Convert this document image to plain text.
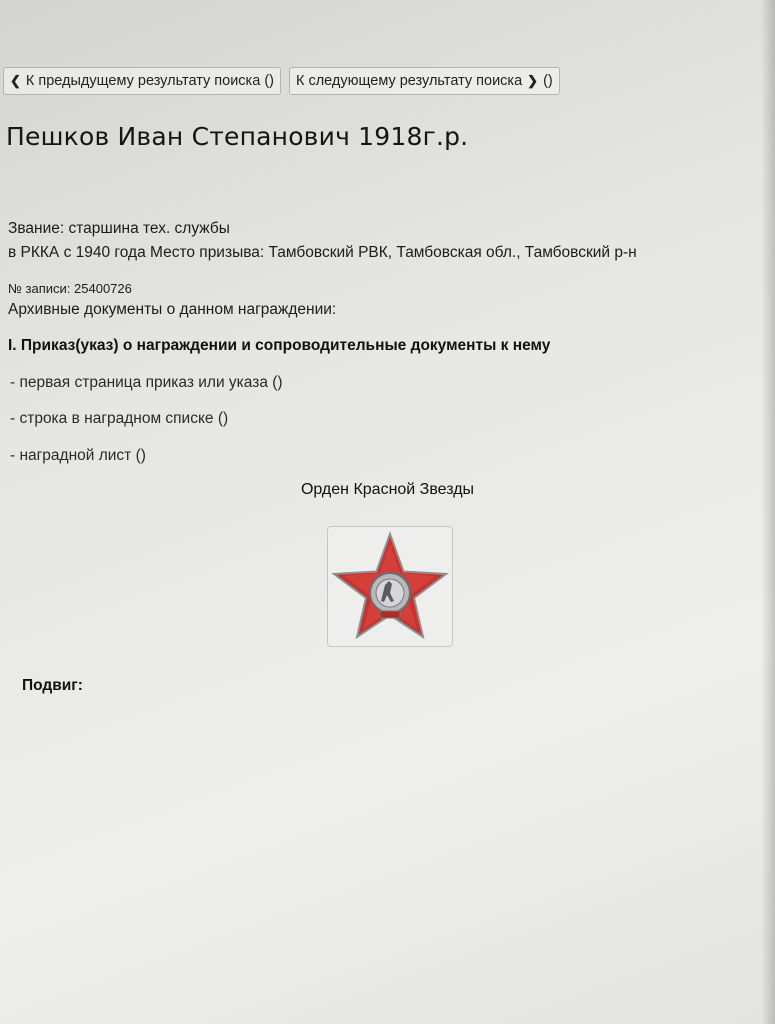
❮ К предыдущему результату поиска () К следующему результату поиска ❯ ()
Пешков Иван Степанович 1918г.р.
Звание: старшина тех. службы
в РККА с 1940 года Место призыва: Тамбовский РВК, Тамбовская обл., Тамбовский р-н
№ записи: 25400726
Архивные документы о данном награждении:
I. Приказ(указ) о награждении и сопроводительные документы к нему
- первая страница приказ или указа ()
- строка в наградном списке ()
- наградной лист ()
Орден Красной Звезды
Подвиг:
